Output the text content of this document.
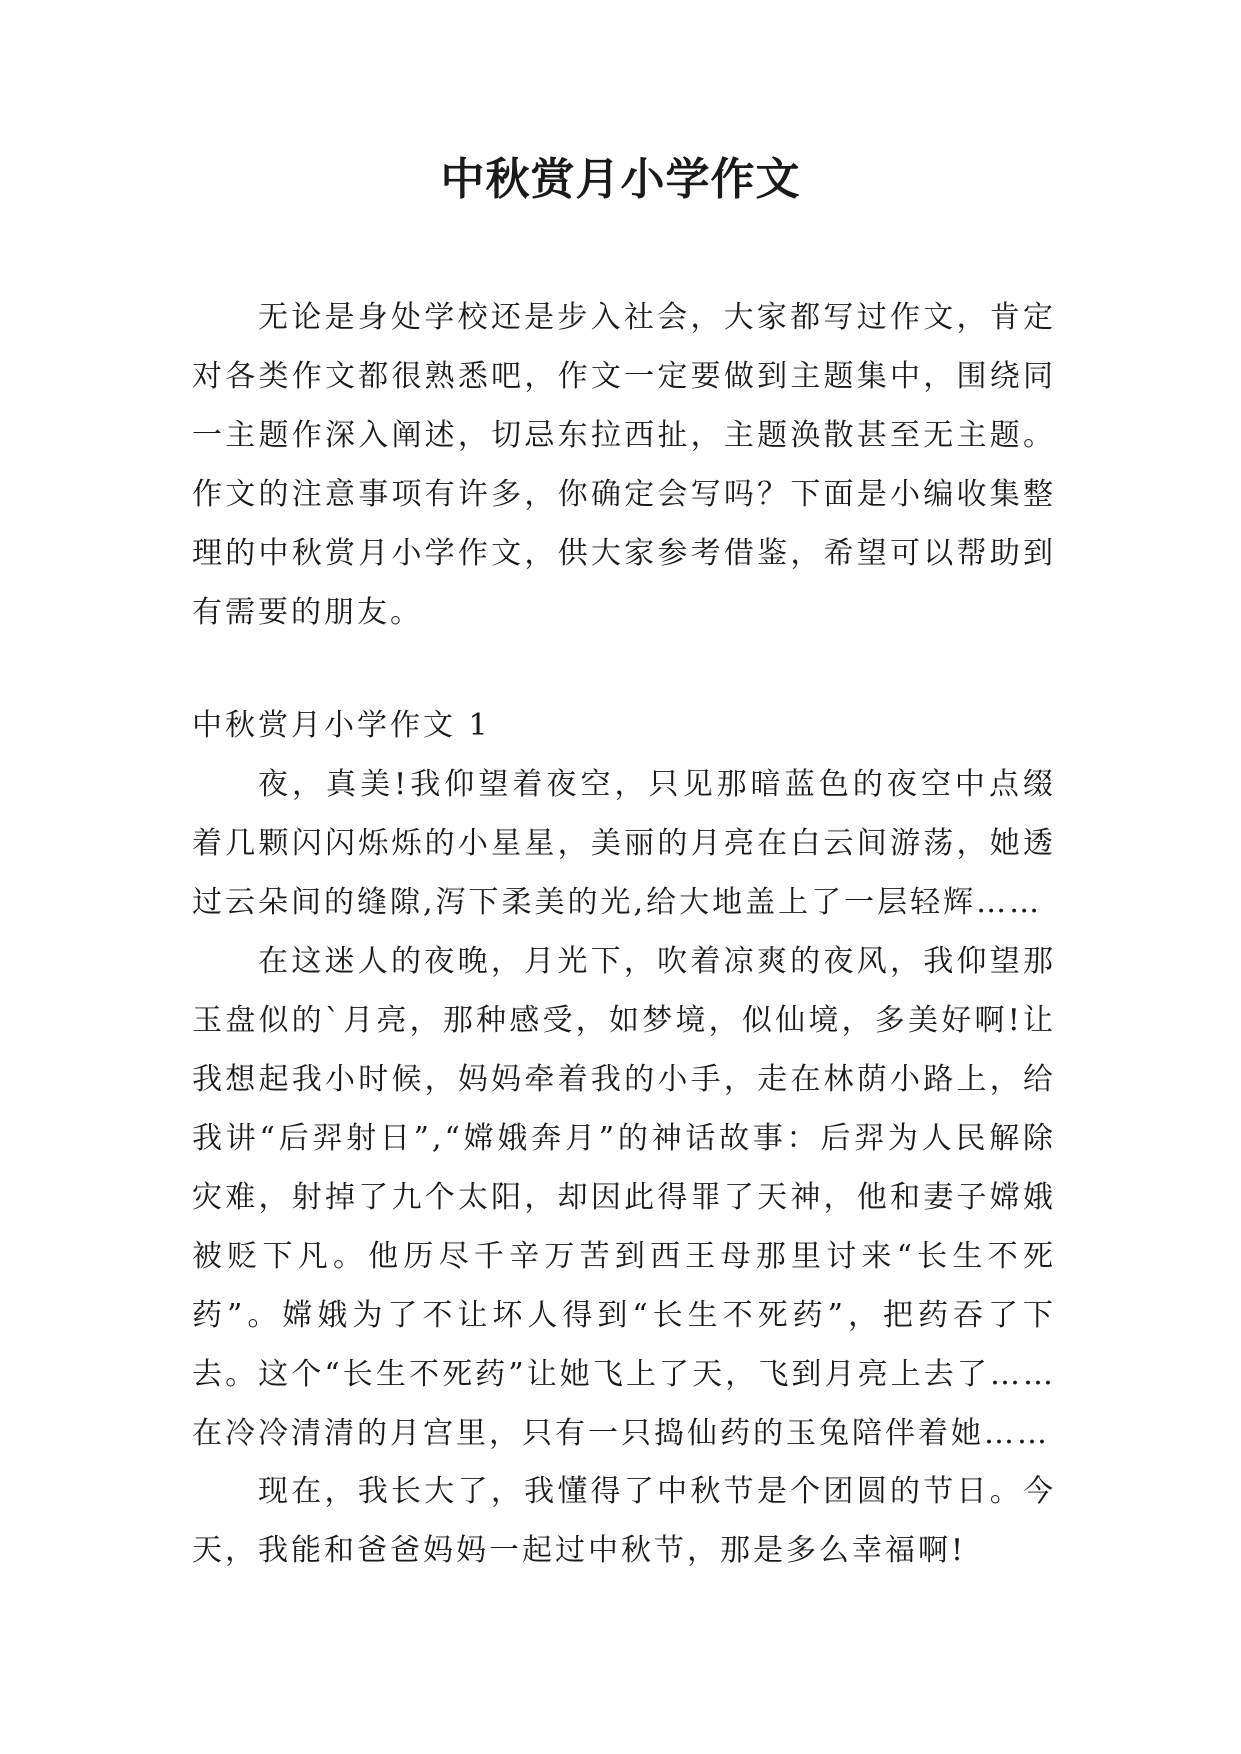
中秋赏月小学作文

无论是身处学校还是步入社会，大家都写过作文，肯定对各类作文都很熟悉吧，作文一定要做到主题集中，围绕同一主题作深入阐述，切忌东拉西扯，主题涣散甚至无主题。作文的注意事项有许多，你确定会写吗？下面是小编收集整理的中秋赏月小学作文，供大家参考借鉴，希望可以帮助到有需要的朋友。

中秋赏月小学作文 1

夜，真美!我仰望着夜空，只见那暗蓝色的夜空中点缀着几颗闪闪烁烁的小星星，美丽的月亮在白云间游荡，她透过云朵间的缝隙,泻下柔美的光,给大地盖上了一层轻辉……

在这迷人的夜晚，月光下，吹着凉爽的夜风，我仰望那玉盘似的`月亮，那种感受，如梦境，似仙境，多美好啊!让我想起我小时候，妈妈牵着我的小手，走在林荫小路上，给我讲“后羿射日”,“嫦娥奔月”的神话故事：后羿为人民解除灾难，射掉了九个太阳，却因此得罪了天神，他和妻子嫦娥被贬下凡。他历尽千辛万苦到西王母那里讨来“长生不死药”。嫦娥为了不让坏人得到“长生不死药”，把药吞了下去。这个“长生不死药”让她飞上了天，飞到月亮上去了……在冷冷清清的月宫里，只有一只捣仙药的玉兔陪伴着她……

现在，我长大了，我懂得了中秋节是个团圆的节日。今天，我能和爸爸妈妈一起过中秋节，那是多么幸福啊!
